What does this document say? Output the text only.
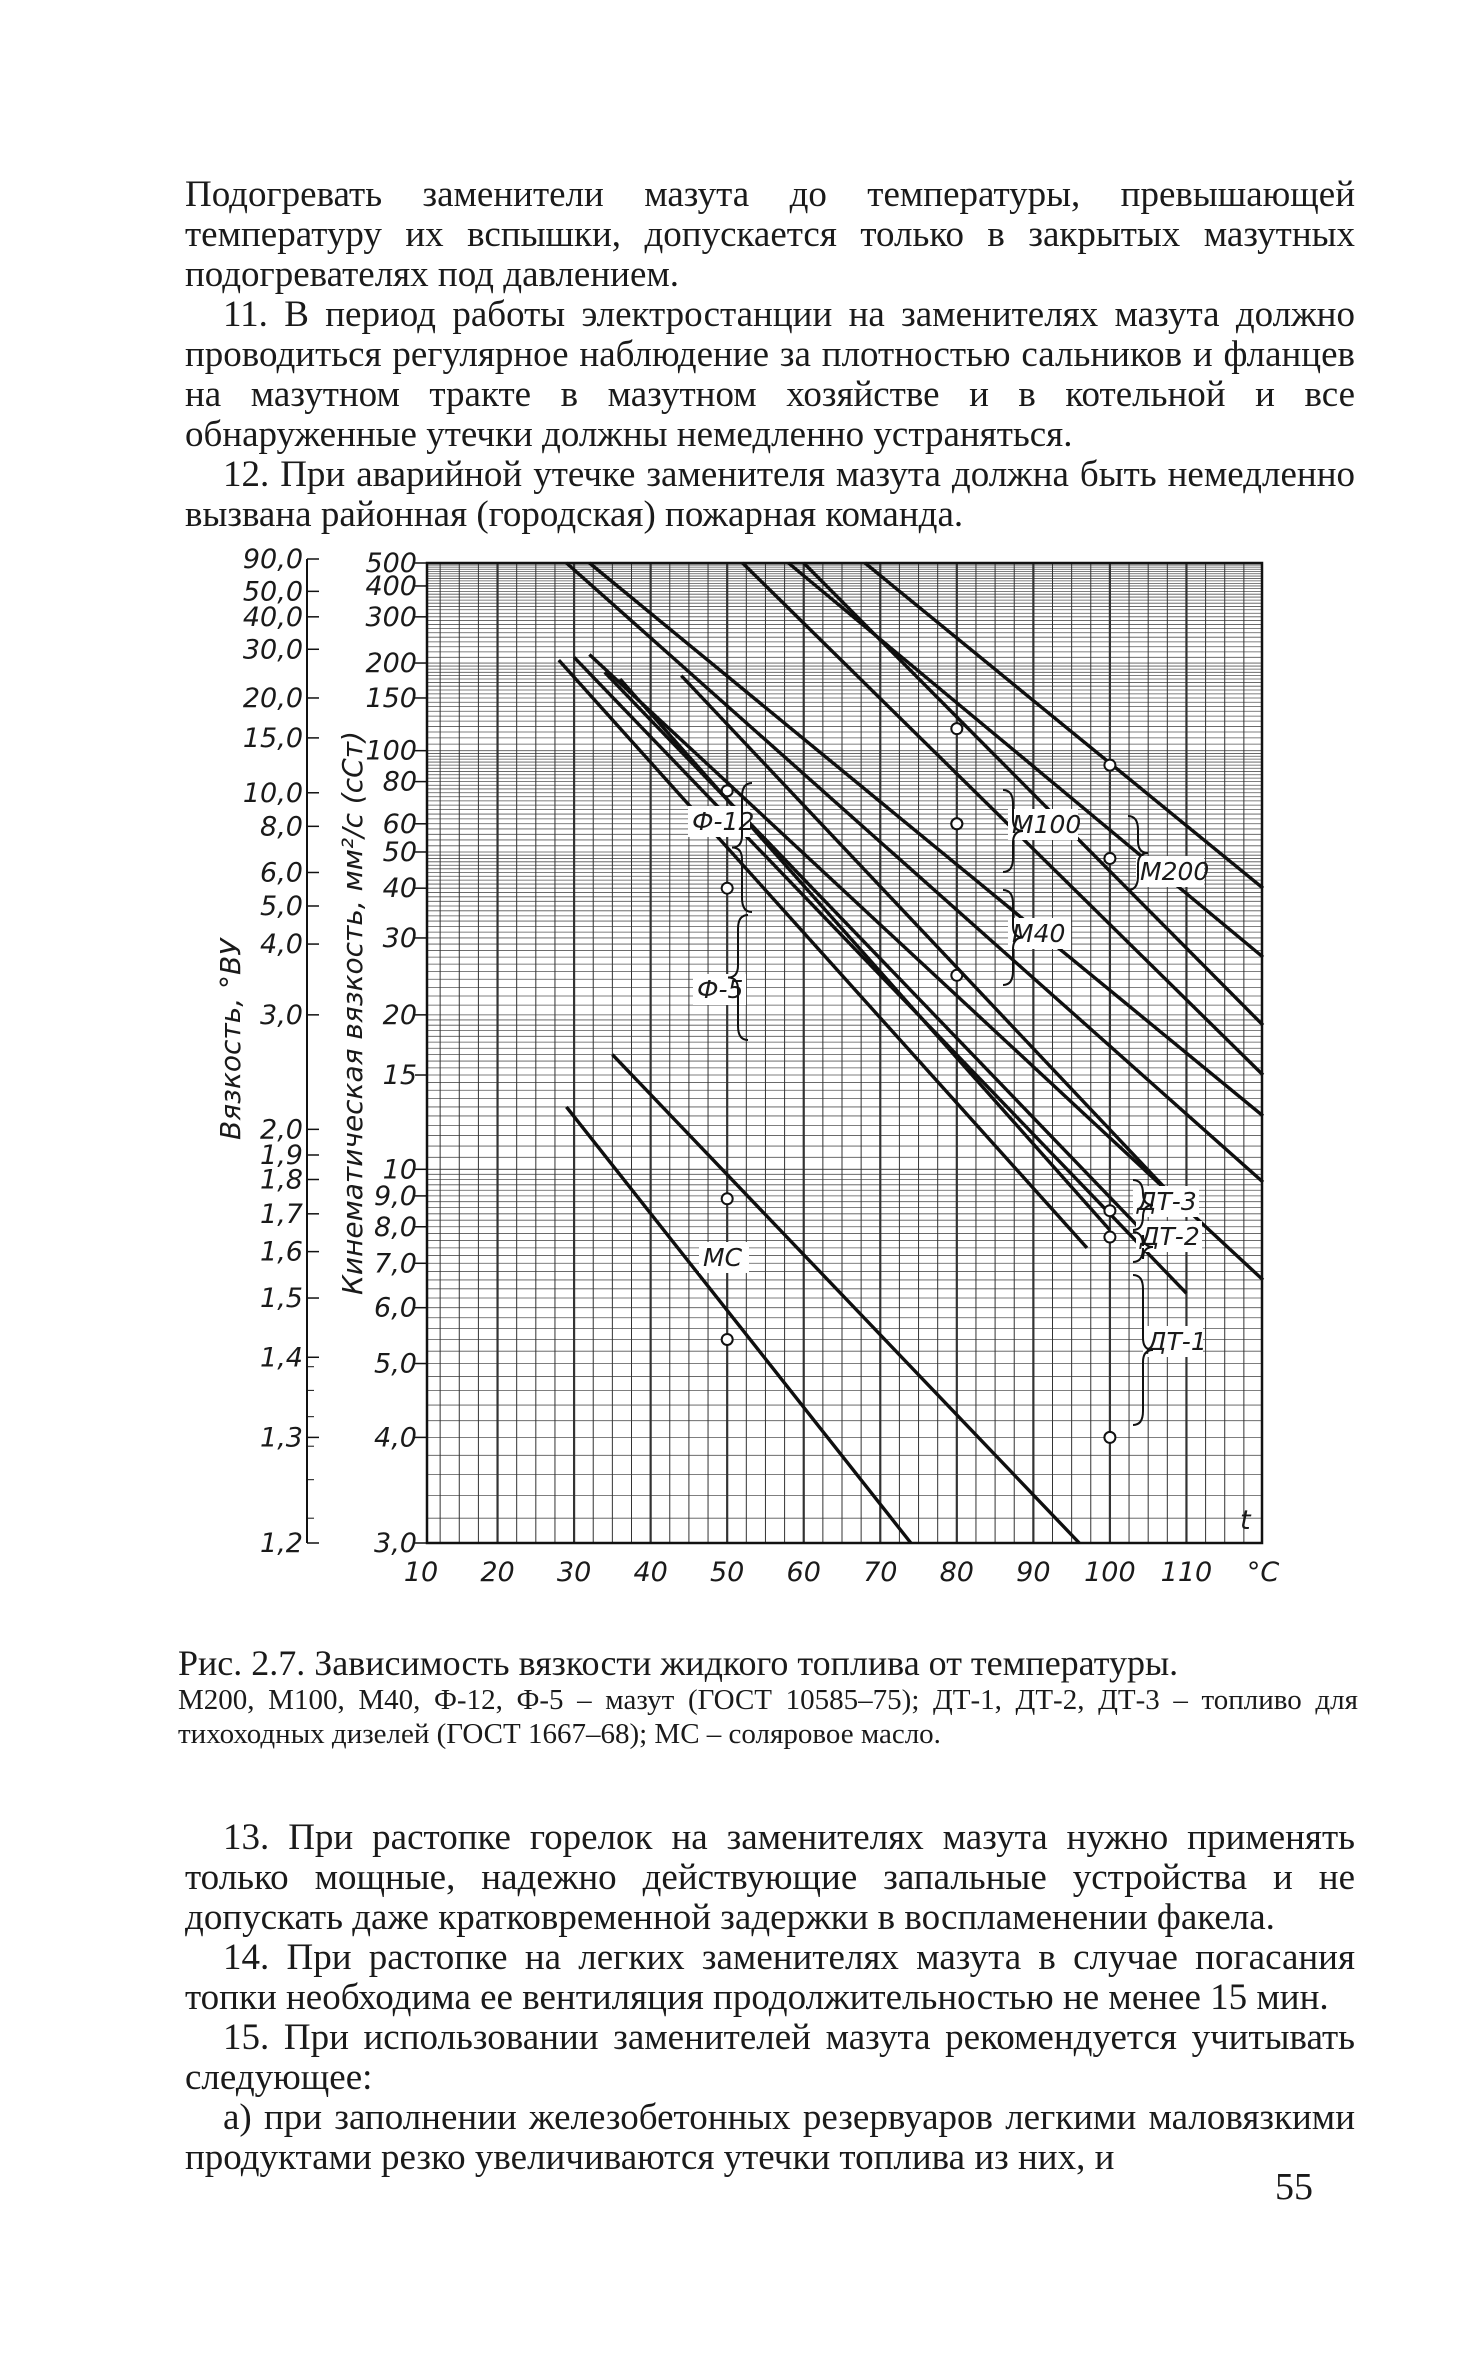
Подогревать заменители мазута до температуры, превышающей температуру их вспышки, допускается только в закрытых мазутных подогревателях под давлением.

11. В период работы электростанции на заменителях мазута должно проводиться регулярное наблюдение за плотностью сальников и фланцев на мазутном тракте в мазутном хозяйстве и в котельной и все обнаруженные утечки должны немедленно устраняться.

12. При аварийной утечке заменителя мазута должна быть немедленно вызвана районная (городская) пожарная команда.

90,0
50,0
40,0
30,0
20,0
15,0
10,0
8,0
6,0
5,0
4,0
3,0
2,0
1,9
1,8
1,7
1,6
1,5
1,4
1,3
1,2
500
400
300
200
150
100
80
60
50
40
30
20
15
10
9,0
8,0
7,0
6,0
5,0
4,0
3,0
10 20 30 40 50 60 70 80 90 100 110 °С
t
Ф-12
Ф-5
М100
М40
М200
ДТ-3
ДТ-2
ДТ-1
МС
Кинематическая вязкость, мм²/с (сСт)
Вязкость, °ВУ

Рис. 2.7. Зависимость вязкости жидкого топлива от температуры.

М200, М100, М40, Ф-12, Ф-5 – мазут (ГОСТ 10585–75); ДТ-1, ДТ-2, ДТ-3 – топливо для тихоходных дизелей (ГОСТ 1667–68); МС – соляровое масло.

13. При растопке горелок на заменителях мазута нужно применять только мощные, надежно действующие запальные устройства и не допускать даже кратковременной задержки в воспламенении факела.

14. При растопке на легких заменителях мазута в случае погасания топки необходима ее вентиляция продолжительностью не менее 15 мин.

15. При использовании заменителей мазута рекомендуется учитывать следующее:

а) при заполнении железобетонных резервуаров легкими маловязкими продуктами резко увеличиваются утечки топлива из них, и

55
